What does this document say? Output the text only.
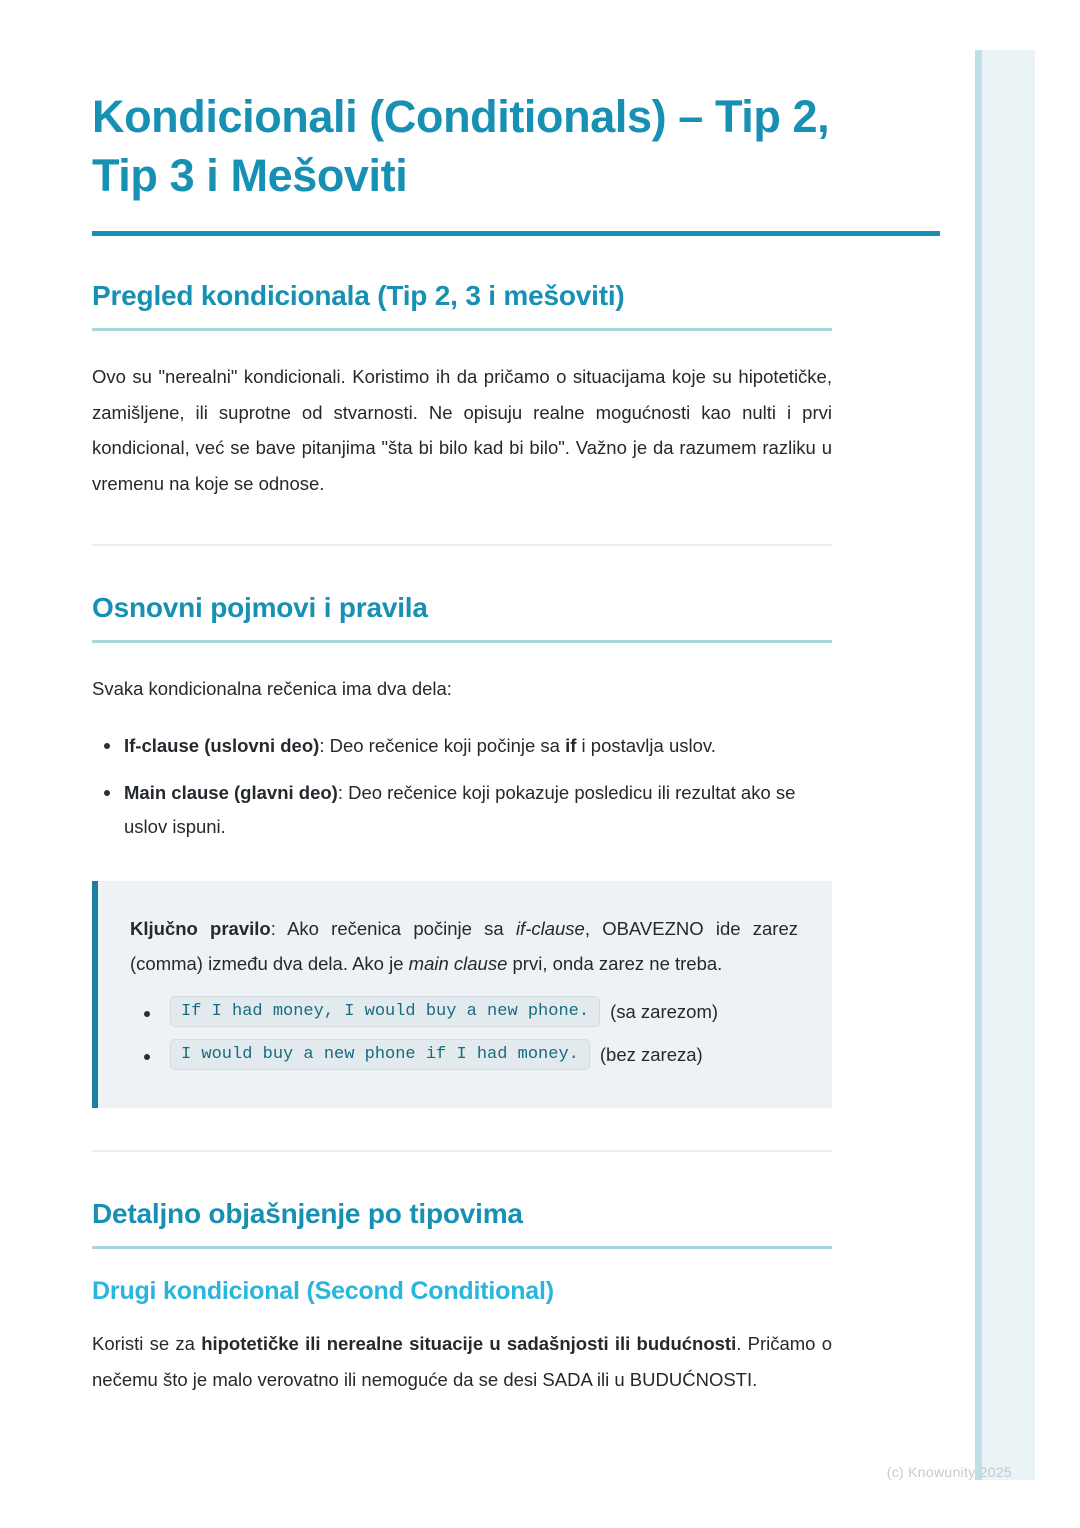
Kondicionali (Conditionals) – Tip 2, Tip 3 i Mešoviti
Pregled kondicionala (Tip 2, 3 i mešoviti)

Ovo su "nerealni" kondicionali. Koristimo ih da pričamo o situacijama koje su hipotetičke, zamišljene, ili suprotne od stvarnosti. Ne opisuju realne mogućnosti kao nulti i prvi kondicional, već se bave pitanjima "šta bi bilo kad bi bilo". Važno je da razumem razliku u vremenu na koje se odnose.

Osnovni pojmovi i pravila

Svaka kondicionalna rečenica ima dva dela:

If-clause (uslovni deo): Deo rečenice koji počinje sa if i postavlja uslov.
Main clause (glavni deo): Deo rečenice koji pokazuje posledicu ili rezultat ako se uslov ispuni.

Ključno pravilo: Ako rečenica počinje sa if-clause, OBAVEZNO ide zarez (comma) između dva dela. Ako je main clause prvi, onda zarez ne treba.

If I had money, I would buy a new phone.	(sa zarezom)
I would buy a new phone if I had money.	(bez zareza)
Detaljno objašnjenje po tipovima
Drugi kondicional (Second Conditional)

Koristi se za hipotetičke ili nerealne situacije u sadašnjosti ili budućnosti. Pričamo o nečemu što je malo verovatno ili nemoguće da se desi SADA ili u BUDUĆNOSTI.

(c) Knowunity 2025
